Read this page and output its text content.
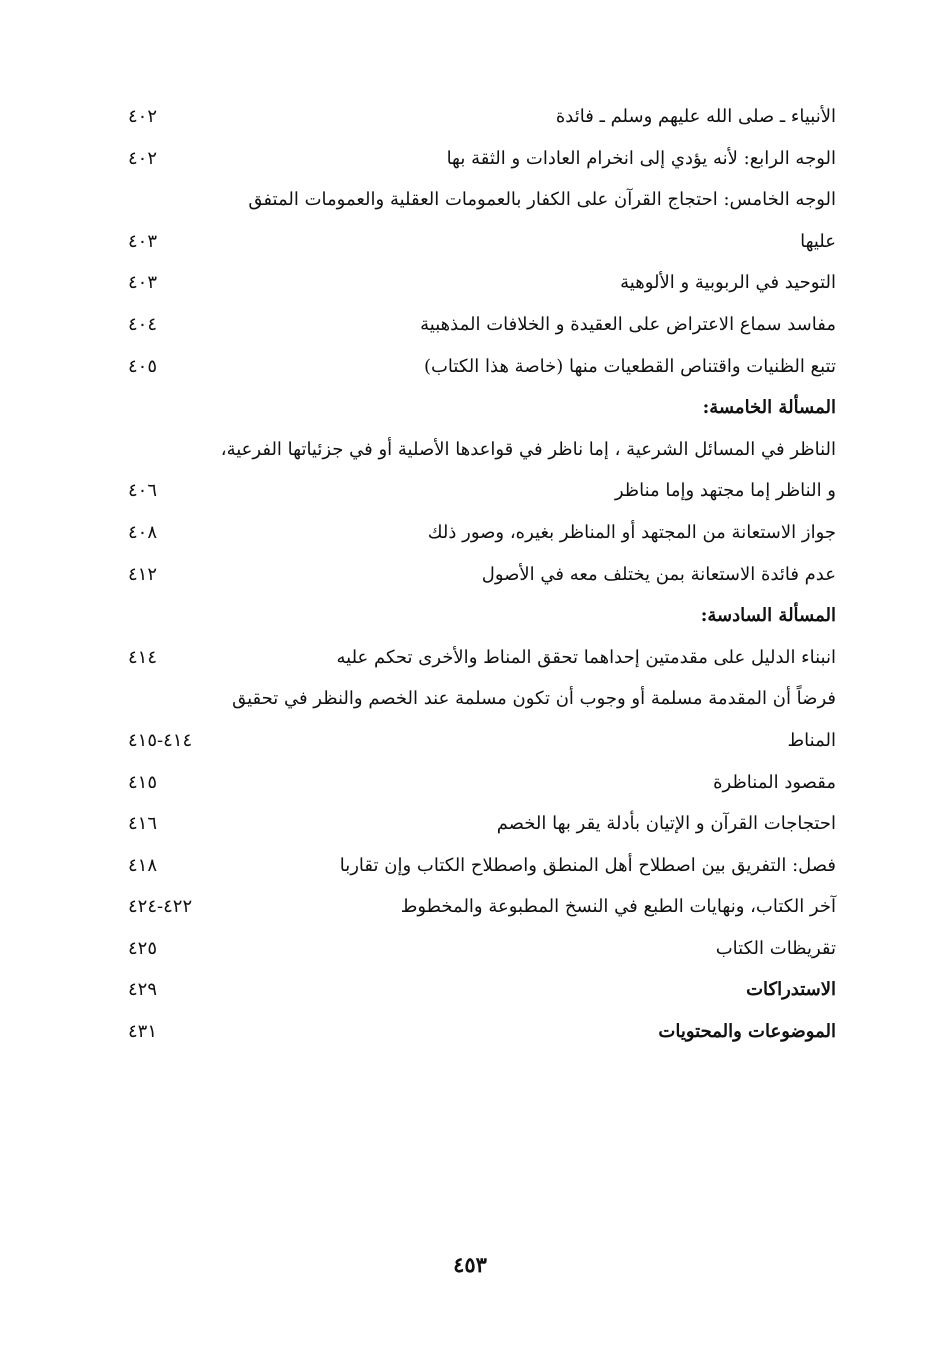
الأنبياء ـ صلى الله عليهم وسلم ـ فائدة
٤٠٢
الوجه الرابع: لأنه يؤدي إلى انخرام العادات و الثقة بها
٤٠٢
الوجه الخامس: احتجاج القرآن على الكفار بالعمومات العقلية والعمومات المتفق
عليها
٤٠٣
التوحيد في الربوبية و الألوهية
٤٠٣
مفاسد سماع الاعتراض على العقيدة و الخلافات المذهبية
٤٠٤
تتبع الظنيات واقتناص القطعيات منها (خاصة هذا الكتاب)
٤٠٥
المسألة الخامسة:
الناظر في المسائل الشرعية ، إما ناظر في قواعدها الأصلية أو في جزئياتها الفرعية،
و الناظر إما مجتهد وإما مناظر
٤٠٦
جواز الاستعانة من المجتهد أو المناظر بغيره، وصور ذلك
٤٠٨
عدم فائدة الاستعانة بمن يختلف معه في الأصول
٤١٢
المسألة السادسة:
انبناء الدليل على مقدمتين إحداهما تحقق المناط والأخرى تحكم عليه
٤١٤
فرضاً أن المقدمة مسلمة أو وجوب أن تكون مسلمة عند الخصم والنظر في تحقيق
المناط
٤١٤-٤١٥
مقصود المناظرة
٤١٥
احتجاجات القرآن و الإتيان بأدلة يقر بها الخصم
٤١٦
فصل: التفريق بين اصطلاح أهل المنطق واصطلاح الكتاب وإن تقاربا
٤١٨
آخر الكتاب، ونهايات الطبع في النسخ المطبوعة والمخطوط
٤٢٢-٤٢٤
تقريظات الكتاب
٤٢٥
الاستدراكات
٤٢٩
الموضوعات والمحتويات
٤٣١
٤٥٣
